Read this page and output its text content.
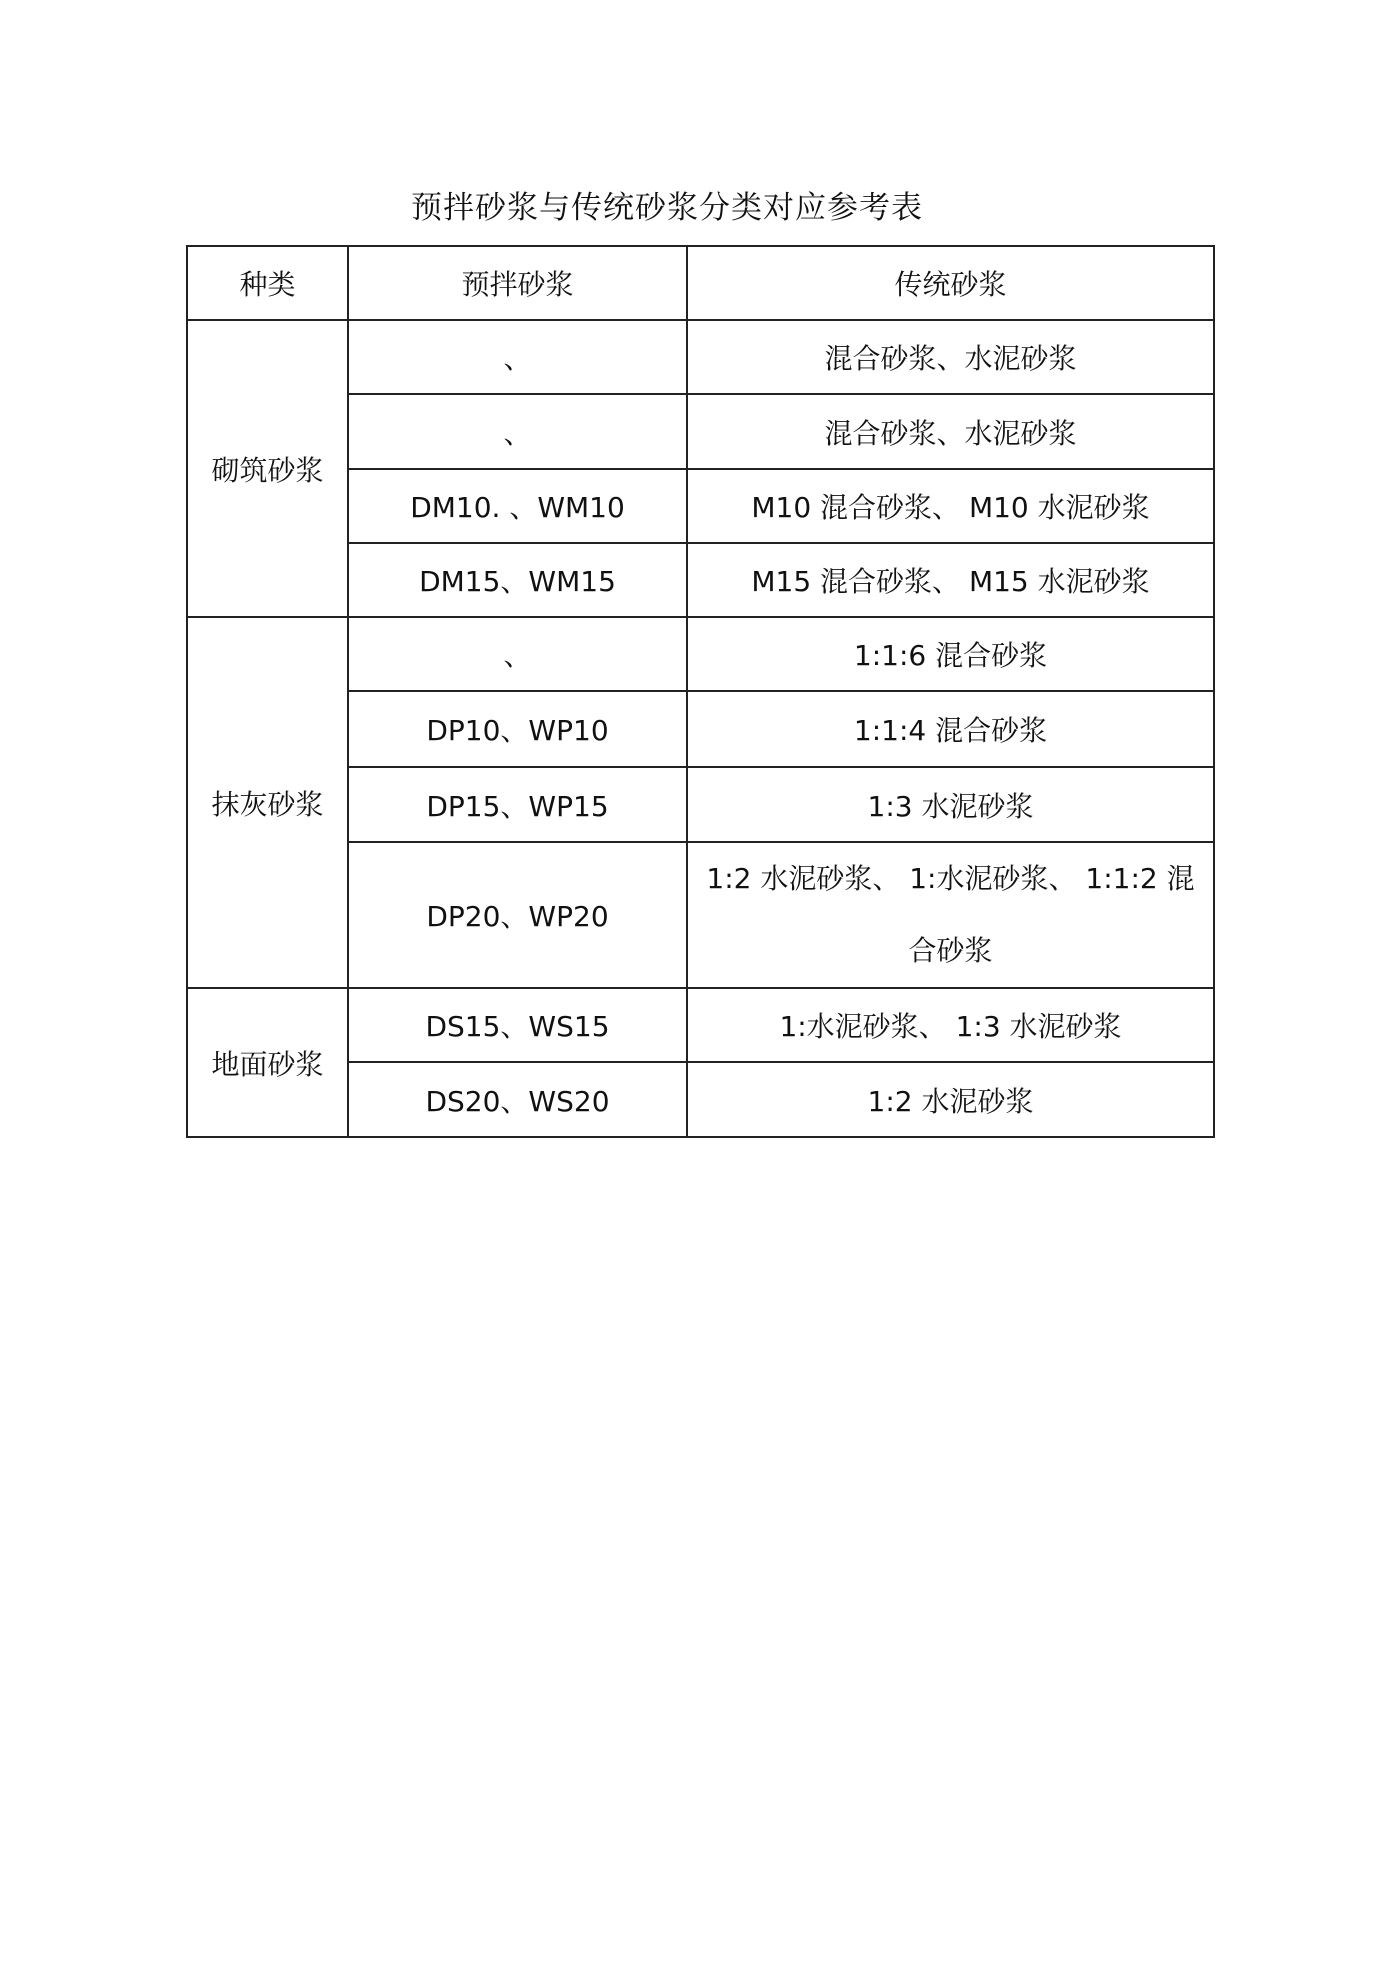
预拌砂浆与传统砂浆分类对应参考表
种类	预拌砂浆	传统砂浆
砌筑砂浆	、	混合砂浆、水泥砂浆
	、	混合砂浆、水泥砂浆
	DM10. 、WM10	M10 混合砂浆、 M10 水泥砂浆
	DM15、WM15	M15 混合砂浆、 M15 水泥砂浆
抹灰砂浆	、	1:1:6 混合砂浆
	DP10、WP10	1:1:4 混合砂浆
	DP15、WP15	1:3 水泥砂浆
	DP20、WP20	1:2 水泥砂浆、 1:水泥砂浆、 1:1:2 混合砂浆
地面砂浆	DS15、WS15	1:水泥砂浆、 1:3 水泥砂浆
	DS20、WS20	1:2 水泥砂浆
